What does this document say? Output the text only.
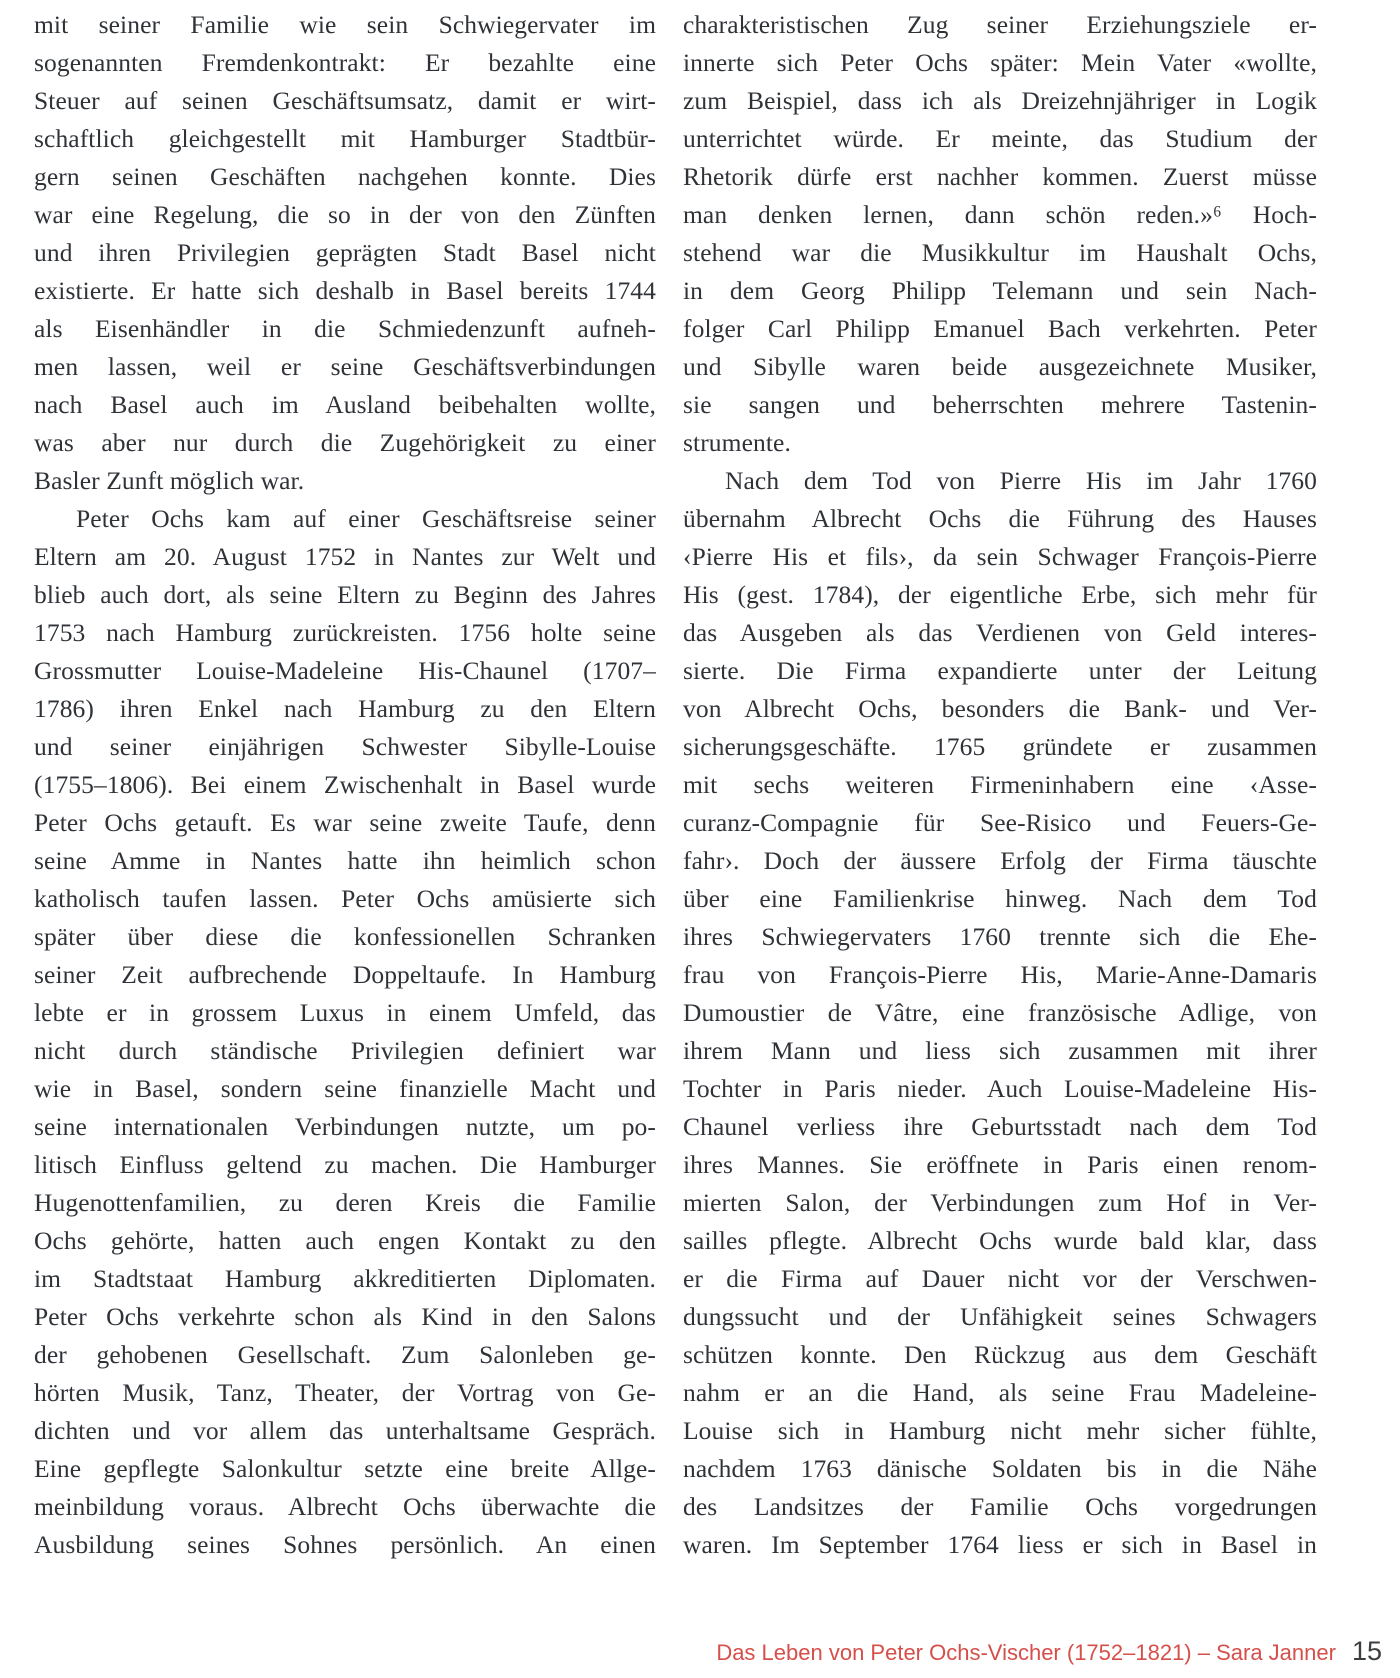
mit seiner Familie wie sein Schwiegervater im
sogenannten Fremdenkontrakt: Er bezahlte eine
Steuer auf seinen Geschäftsumsatz, damit er wirt-
schaftlich gleichgestellt mit Hamburger Stadtbür-
gern seinen Geschäften nachgehen konnte. Dies
war eine Regelung, die so in der von den Zünften
und ihren Privilegien geprägten Stadt Basel nicht
existierte. Er hatte sich deshalb in Basel bereits 1744
als Eisenhändler in die Schmiedenzunft aufneh-
men lassen, weil er seine Geschäftsverbindungen
nach Basel auch im Ausland beibehalten wollte,
was aber nur durch die Zugehörigkeit zu einer
Basler Zunft möglich war.
Peter Ochs kam auf einer Geschäftsreise seiner
Eltern am 20. August 1752 in Nantes zur Welt und
blieb auch dort, als seine Eltern zu Beginn des Jahres
1753 nach Hamburg zurückreisten. 1756 holte seine
Grossmutter Louise-Madeleine His-Chaunel (1707–
1786) ihren Enkel nach Hamburg zu den Eltern
und seiner einjährigen Schwester Sibylle-Louise
(1755–1806). Bei einem Zwischenhalt in Basel wurde
Peter Ochs getauft. Es war seine zweite Taufe, denn
seine Amme in Nantes hatte ihn heimlich schon
katholisch taufen lassen. Peter Ochs amüsierte sich
später über diese die konfessionellen Schranken
seiner Zeit aufbrechende Doppeltaufe. In Hamburg
lebte er in grossem Luxus in einem Umfeld, das
nicht durch ständische Privilegien definiert war
wie in Basel, sondern seine finanzielle Macht und
seine internationalen Verbindungen nutzte, um po-
litisch Einfluss geltend zu machen. Die Hamburger
Hugenottenfamilien, zu deren Kreis die Familie
Ochs gehörte, hatten auch engen Kontakt zu den
im Stadtstaat Hamburg akkreditierten Diplomaten.
Peter Ochs verkehrte schon als Kind in den Salons
der gehobenen Gesellschaft. Zum Salonleben ge-
hörten Musik, Tanz, Theater, der Vortrag von Ge-
dichten und vor allem das unterhaltsame Gespräch.
Eine gepflegte Salonkultur setzte eine breite Allge-
meinbildung voraus. Albrecht Ochs überwachte die
Ausbildung seines Sohnes persönlich. An einen
charakteristischen Zug seiner Erziehungsziele er-
innerte sich Peter Ochs später: Mein Vater «wollte,
zum Beispiel, dass ich als Dreizehnjähriger in Logik
unterrichtet würde. Er meinte, das Studium der
Rhetorik dürfe erst nachher kommen. Zuerst müsse
man denken lernen, dann schön reden.»⁶ Hoch-
stehend war die Musikkultur im Haushalt Ochs,
in dem Georg Philipp Telemann und sein Nach-
folger Carl Philipp Emanuel Bach verkehrten. Peter
und Sibylle waren beide ausgezeichnete Musiker,
sie sangen und beherrschten mehrere Tastenin-
strumente.
Nach dem Tod von Pierre His im Jahr 1760
übernahm Albrecht Ochs die Führung des Hauses
‹Pierre His et fils›, da sein Schwager François-Pierre
His (gest. 1784), der eigentliche Erbe, sich mehr für
das Ausgeben als das Verdienen von Geld interes-
sierte. Die Firma expandierte unter der Leitung
von Albrecht Ochs, besonders die Bank- und Ver-
sicherungsgeschäfte. 1765 gründete er zusammen
mit sechs weiteren Firmeninhabern eine ‹Asse-
curanz-Compagnie für See-Risico und Feuers-Ge-
fahr›. Doch der äussere Erfolg der Firma täuschte
über eine Familienkrise hinweg. Nach dem Tod
ihres Schwiegervaters 1760 trennte sich die Ehe-
frau von François-Pierre His, Marie-Anne-Damaris
Dumoustier de Vâtre, eine französische Adlige, von
ihrem Mann und liess sich zusammen mit ihrer
Tochter in Paris nieder. Auch Louise-Madeleine His-
Chaunel verliess ihre Geburtsstadt nach dem Tod
ihres Mannes. Sie eröffnete in Paris einen renom-
mierten Salon, der Verbindungen zum Hof in Ver-
sailles pflegte. Albrecht Ochs wurde bald klar, dass
er die Firma auf Dauer nicht vor der Verschwen-
dungssucht und der Unfähigkeit seines Schwagers
schützen konnte. Den Rückzug aus dem Geschäft
nahm er an die Hand, als seine Frau Madeleine-
Louise sich in Hamburg nicht mehr sicher fühlte,
nachdem 1763 dänische Soldaten bis in die Nähe
des Landsitzes der Familie Ochs vorgedrungen
waren. Im September 1764 liess er sich in Basel in
Das Leben von Peter Ochs-Vischer (1752–1821) – Sara Janner 15
